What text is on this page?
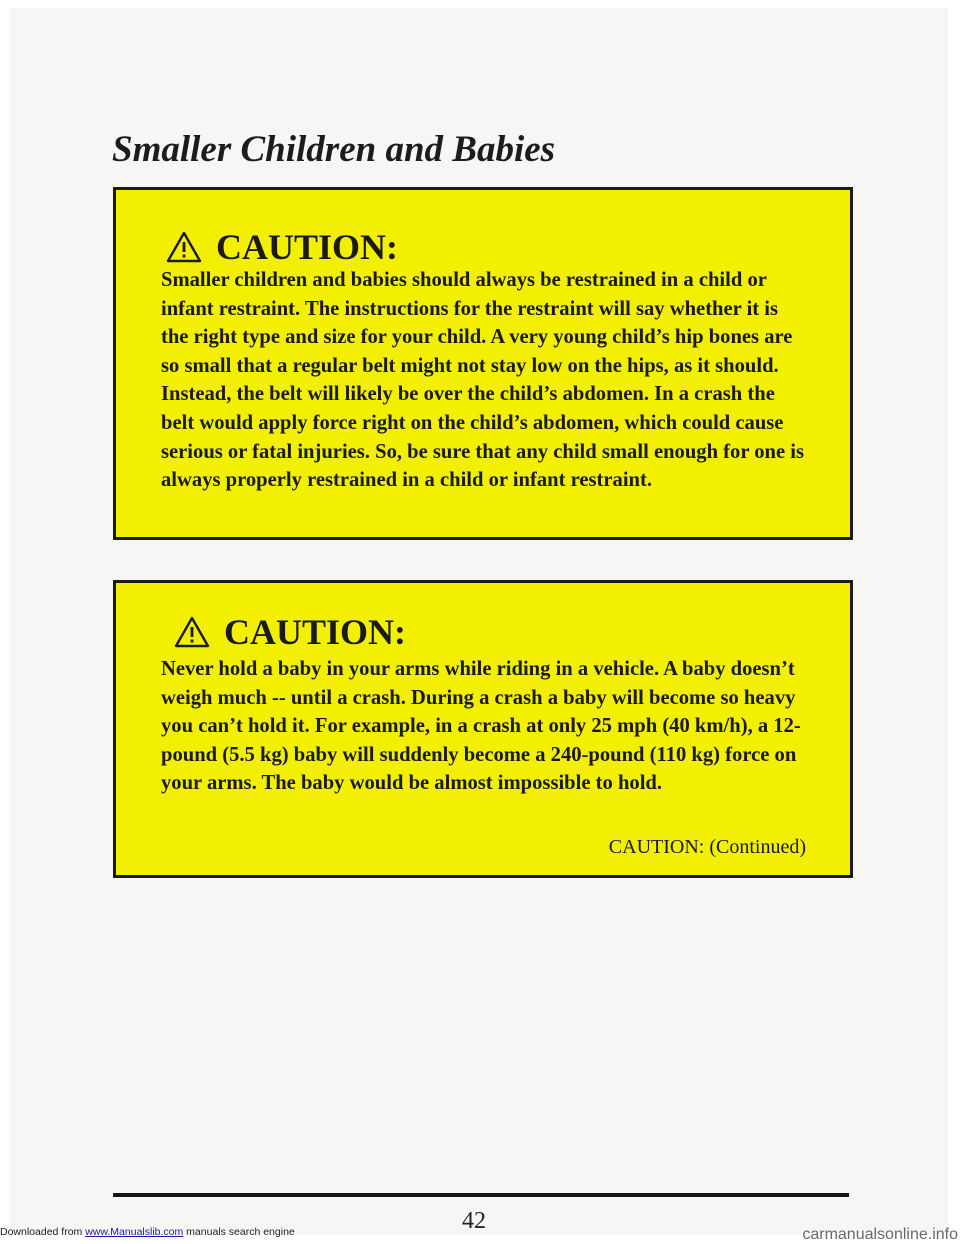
Smaller Children and Babies
CAUTION:
Smaller children and babies should always be restrained in a child or infant restraint. The instructions for the restraint will say whether it is the right type and size for your child. A very young child’s hip bones are so small that a regular belt might not stay low on the hips, as it should. Instead, the belt will likely be over the child’s abdomen. In a crash the belt would apply force right on the child’s abdomen, which could cause serious or fatal injuries. So, be sure that any child small enough for one is always properly restrained in a child or infant restraint.
CAUTION:
Never hold a baby in your arms while riding in a vehicle. A baby doesn’t weigh much -- until a crash. During a crash a baby will become so heavy you can’t hold it. For example, in a crash at only 25 mph (40 km/h), a 12-pound (5.5 kg) baby will suddenly become a 240-pound (110 kg) force on your arms. The baby would be almost impossible to hold.
CAUTION: (Continued)
42
Downloaded from www.Manualslib.com manuals search engine	carmanualsonline.info
